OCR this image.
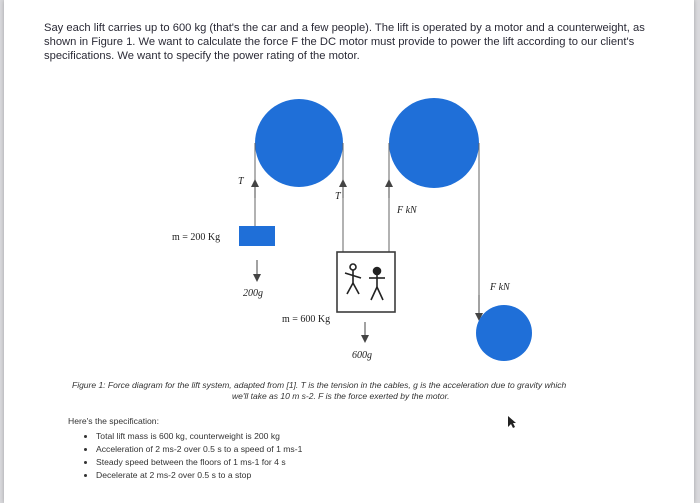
Say each lift carries up to 600 kg (that's the car and a few people). The lift is operated by a motor and a counterweight, as shown in Figure 1. We want to calculate the force F the DC motor must provide to power the lift according to our client's specifications. We want to specify the power rating of the motor.

T
T
F kN
F kN
m = 200 Kg
200g
m = 600 Kg
600g
Figure 1: Force diagram for the lift system, adapted from [1]. T is the tension in the cables, g is the acceleration due to gravity which
we'll take as 10 m s-2. F is the force exerted by the motor.
Here's the specification:
• Total lift mass is 600 kg, counterweight is 200 kg
• Acceleration of 2 ms-2 over 0.5 s to a speed of 1 ms-1
• Steady speed between the floors of 1 ms-1 for 4 s
• Decelerate at 2 ms-2 over 0.5 s to a stop
